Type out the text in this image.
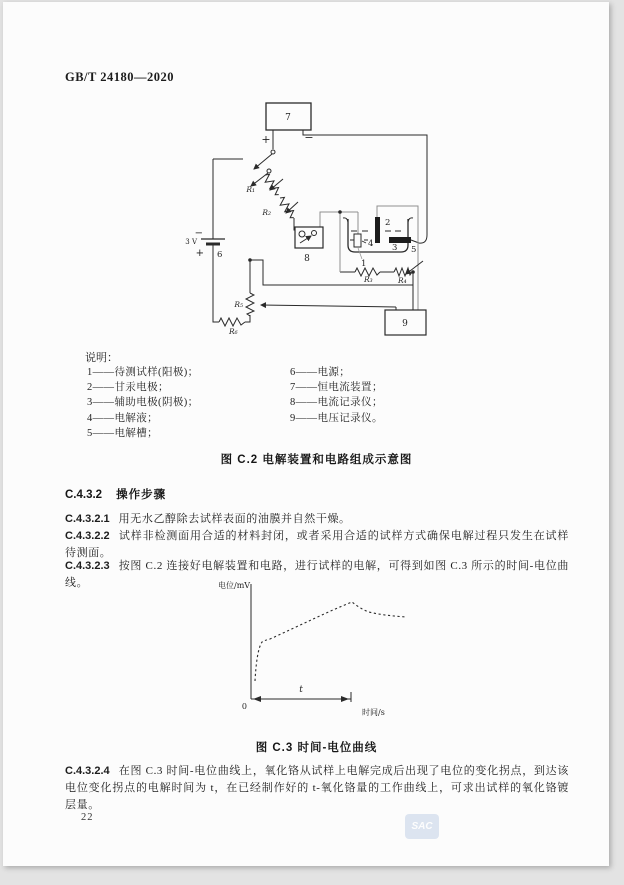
GB/T 24180—2020
7
+	−
R₁
R₂
−
+
3 V
6	8
2
1
4 3 5
R₃	R₄
R₅
R₆
9
说明：
1——待测试样(阳极)；
2——甘汞电极；
3——辅助电极(阴极)；
4——电解液；
5——电解槽；
6——电源；
7——恒电流装置；
8——电流记录仪；
9——电压记录仪。
图 C.2 电解装置和电路组成示意图
C.4.3.2 操作步骤
C.4.3.2.1 用无水乙醇除去试样表面的油膜并自然干燥。
C.4.3.2.2 试样非检测面用合适的材料封闭，或者采用合适的试样方式确保电解过程只发生在试样待测面。
C.4.3.2.3 按图 C.2 连接好电解装置和电路，进行试样的电解，可得到如图 C.3 所示的时间-电位曲线。	电位/mV
0
t
时间/s
图 C.3 时间-电位曲线
C.4.3.2.4 在图 C.3 时间-电位曲线上，氧化铬从试样上电解完成后出现了电位的变化拐点，到达该电位变化拐点的电解时间为 t，在已经制作好的 t-氧化铬量的工作曲线上，可求出试样的氧化铬镀层量。
22
SAC
